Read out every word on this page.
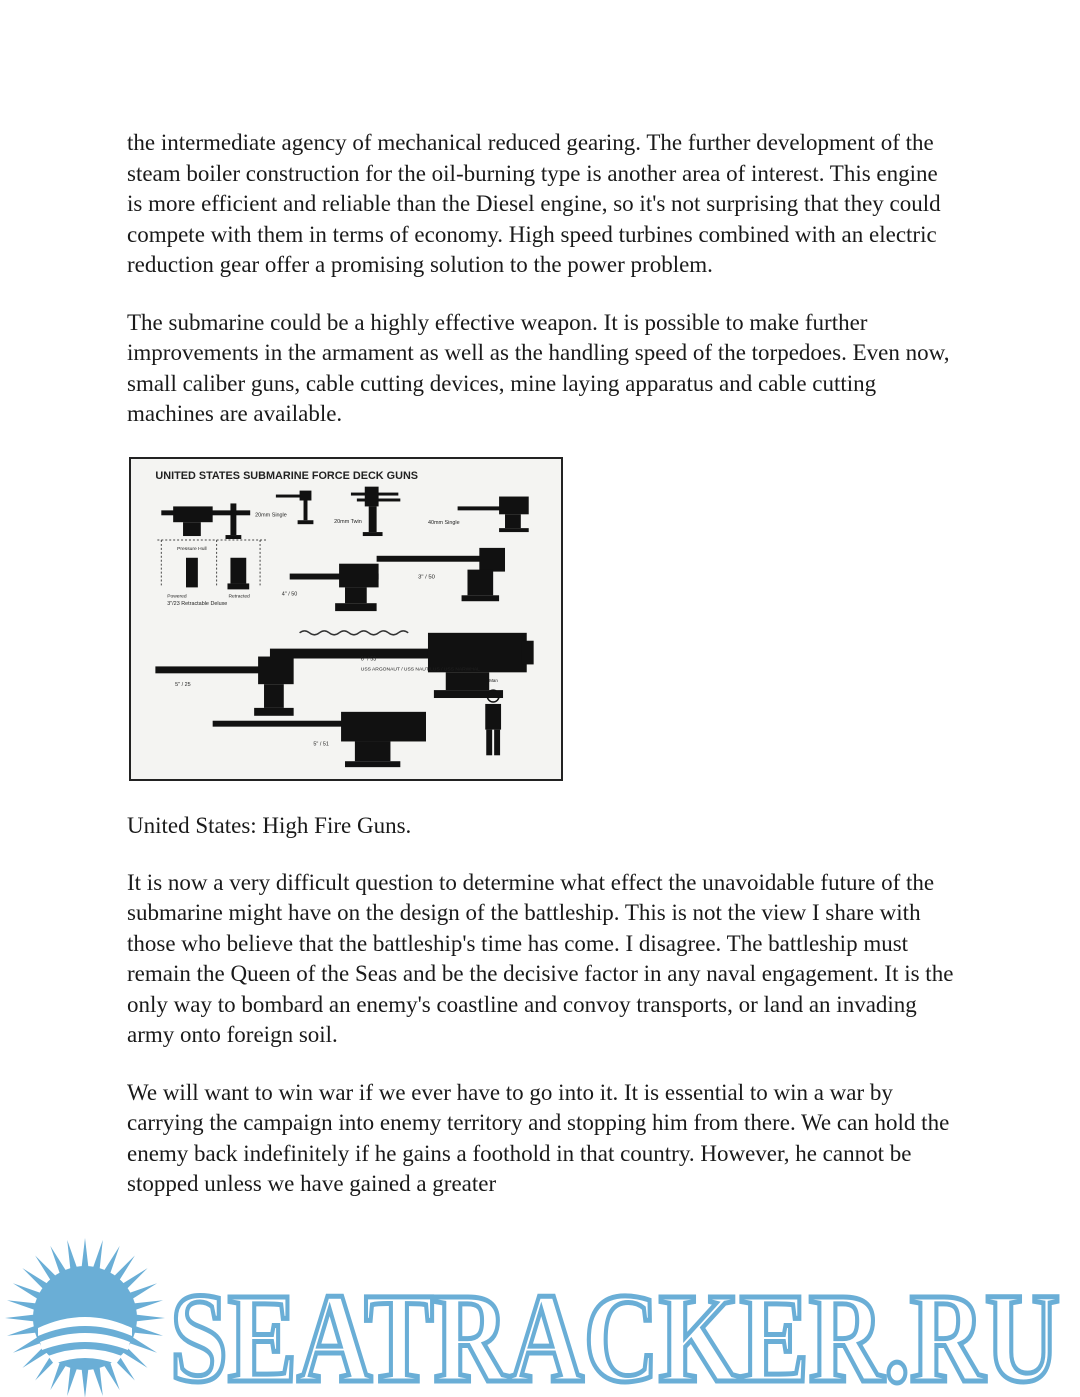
the intermediate agency of mechanical reduced gearing. The further development of the steam boiler construction for the oil-burning type is another area of interest. This engine is more efficient and reliable than the Diesel engine, so it's not surprising that they could compete with them in terms of economy. High speed turbines combined with an electric reduction gear offer a promising solution to the power problem.

The submarine could be a highly effective weapon. It is possible to make further improvements in the armament as well as the handling speed of the torpedoes. Even now, small caliber guns, cable cutting devices, mine laying apparatus and cable cutting machines are available.

UNITED STATES SUBMARINE FORCE DECK GUNS
Pressure Hull
Powered	Retracted
3"/23 Retractable Deluxe
20mm Single
20mm Twin	40mm Single
3" / 50
4" / 50
6" / 53
USS ARGONAUT / USS NAUTILUS / USS NARWHAL
5" / 25
5" / 51
Man

United States: High Fire Guns.

It is now a very difficult question to determine what effect the unavoidable future of the submarine might have on the design of the battleship. This is not the view I share with those who believe that the battleship's time has come. I disagree. The battleship must remain the Queen of the Seas and be the decisive factor in any naval engagement. It is the only way to bombard an enemy's coastline and convoy transports, or land an invading army onto foreign soil.

We will want to win war if we ever have to go into it. It is essential to win a war by carrying the campaign into enemy territory and stopping him from there. We can hold the enemy back indefinitely if he gains a foothold in that country. However, he cannot be stopped unless we have gained a greater

SEATRACKER.RU
